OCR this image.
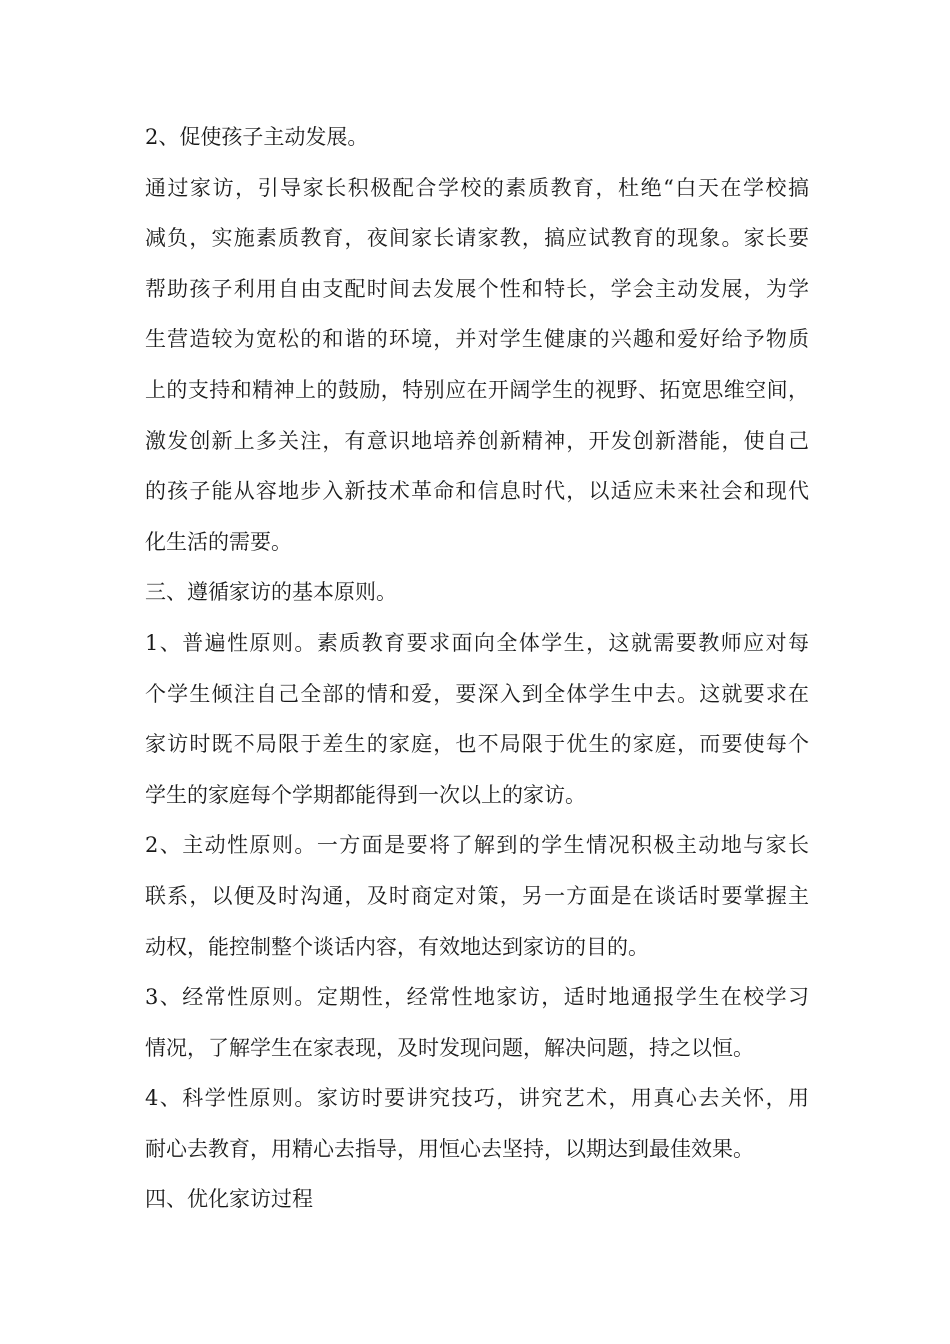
2、促使孩子主动发展。
通过家访，引导家长积极配合学校的素质教育，杜绝“白天在学校搞
减负，实施素质教育，夜间家长请家教，搞应试教育的现象。家长要
帮助孩子利用自由支配时间去发展个性和特长，学会主动发展，为学
生营造较为宽松的和谐的环境，并对学生健康的兴趣和爱好给予物质
上的支持和精神上的鼓励，特别应在开阔学生的视野、拓宽思维空间，
激发创新上多关注，有意识地培养创新精神，开发创新潜能，使自己
的孩子能从容地步入新技术革命和信息时代，以适应未来社会和现代
化生活的需要。
三、遵循家访的基本原则。
1、普遍性原则。素质教育要求面向全体学生，这就需要教师应对每
个学生倾注自己全部的情和爱，要深入到全体学生中去。这就要求在
家访时既不局限于差生的家庭，也不局限于优生的家庭，而要使每个
学生的家庭每个学期都能得到一次以上的家访。
2、主动性原则。一方面是要将了解到的学生情况积极主动地与家长
联系，以便及时沟通，及时商定对策，另一方面是在谈话时要掌握主
动权，能控制整个谈话内容，有效地达到家访的目的。
3、经常性原则。定期性，经常性地家访，适时地通报学生在校学习
情况，了解学生在家表现，及时发现问题，解决问题，持之以恒。
4、科学性原则。家访时要讲究技巧，讲究艺术，用真心去关怀，用
耐心去教育，用精心去指导，用恒心去坚持，以期达到最佳效果。
四、优化家访过程
